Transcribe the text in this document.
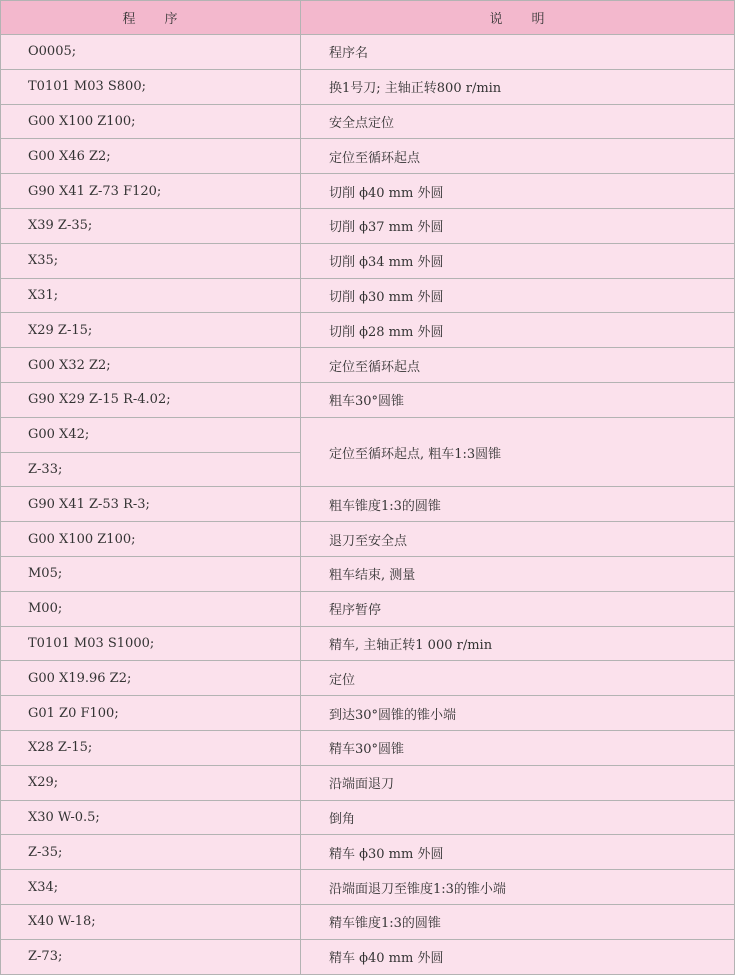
程　　序	说　　明
O0005;	程序名
T0101 M03 S800;	换1号刀; 主轴正转800 r/min
G00 X100 Z100;	安全点定位
G00 X46 Z2;	定位至循环起点
G90 X41 Z-73 F120;	切削 ϕ40 mm 外圆
X39 Z-35;	切削 ϕ37 mm 外圆
X35;	切削 ϕ34 mm 外圆
X31;	切削 ϕ30 mm 外圆
X29 Z-15;	切削 ϕ28 mm 外圆
G00 X32 Z2;	定位至循环起点
G90 X29 Z-15 R-4.02;	粗车30°圆锥
G00 X42;	定位至循环起点, 粗车1:3圆锥
Z-33;	
G90 X41 Z-53 R-3;	粗车锥度1:3的圆锥
G00 X100 Z100;	退刀至安全点
M05;	粗车结束, 测量
M00;	程序暂停
T0101 M03 S1000;	精车, 主轴正转1 000 r/min
G00 X19.96 Z2;	定位
G01 Z0 F100;	到达30°圆锥的锥小端
X28 Z-15;	精车30°圆锥
X29;	沿端面退刀
X30 W-0.5;	倒角
Z-35;	精车 ϕ30 mm 外圆
X34;	沿端面退刀至锥度1:3的锥小端
X40 W-18;	精车锥度1:3的圆锥
Z-73;	精车 ϕ40 mm 外圆
